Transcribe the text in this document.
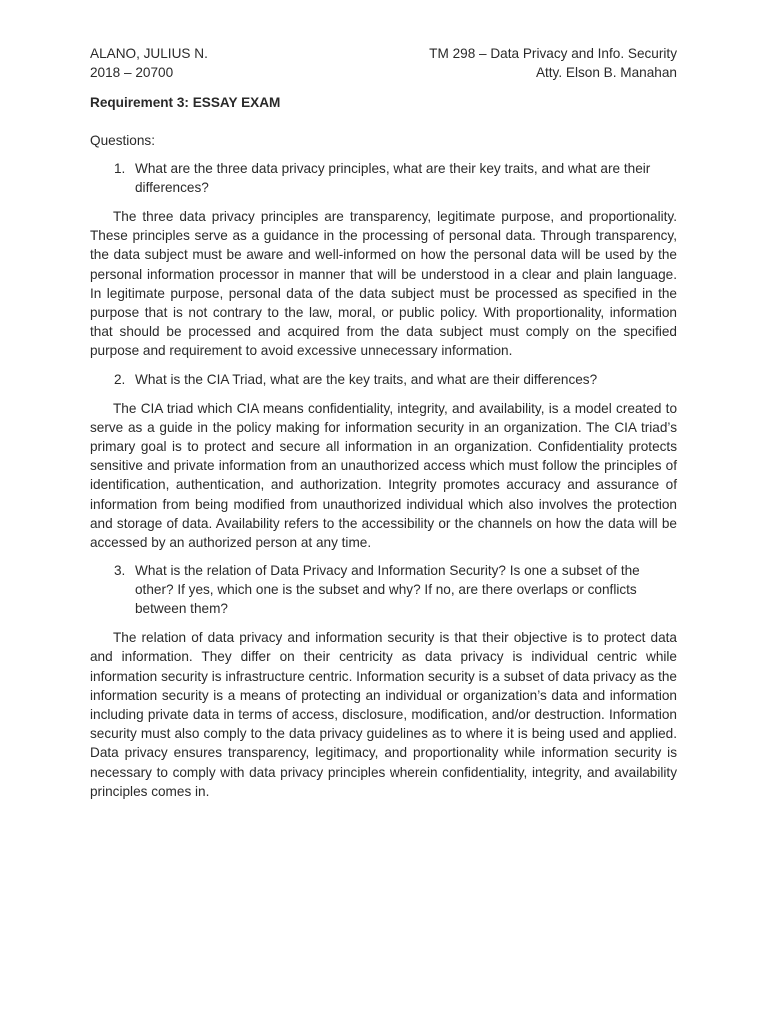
ALANO, JULIUS N.	TM 298 – Data Privacy and Info. Security
2018 – 20700	Atty. Elson B. Manahan
Requirement 3: ESSAY EXAM
Questions:
1. What are the three data privacy principles, what are their key traits, and what are their differences?

The three data privacy principles are transparency, legitimate purpose, and proportionality. These principles serve as a guidance in the processing of personal data. Through transparency, the data subject must be aware and well-informed on how the personal data will be used by the personal information processor in manner that will be understood in a clear and plain language. In legitimate purpose, personal data of the data subject must be processed as specified in the purpose that is not contrary to the law, moral, or public policy. With proportionality, information that should be processed and acquired from the data subject must comply on the specified purpose and requirement to avoid excessive unnecessary information.

2. What is the CIA Triad, what are the key traits, and what are their differences?

The CIA triad which CIA means confidentiality, integrity, and availability, is a model created to serve as a guide in the policy making for information security in an organization. The CIA triad’s primary goal is to protect and secure all information in an organization. Confidentiality protects sensitive and private information from an unauthorized access which must follow the principles of identification, authentication, and authorization. Integrity promotes accuracy and assurance of information from being modified from unauthorized individual which also involves the protection and storage of data. Availability refers to the accessibility or the channels on how the data will be accessed by an authorized person at any time.

3. What is the relation of Data Privacy and Information Security? Is one a subset of the other? If yes, which one is the subset and why? If no, are there overlaps or conflicts between them?

The relation of data privacy and information security is that their objective is to protect data and information. They differ on their centricity as data privacy is individual centric while information security is infrastructure centric. Information security is a subset of data privacy as the information security is a means of protecting an individual or organization’s data and information including private data in terms of access, disclosure, modification, and/or destruction. Information security must also comply to the data privacy guidelines as to where it is being used and applied. Data privacy ensures transparency, legitimacy, and proportionality while information security is necessary to comply with data privacy principles wherein confidentiality, integrity, and availability principles comes in.
